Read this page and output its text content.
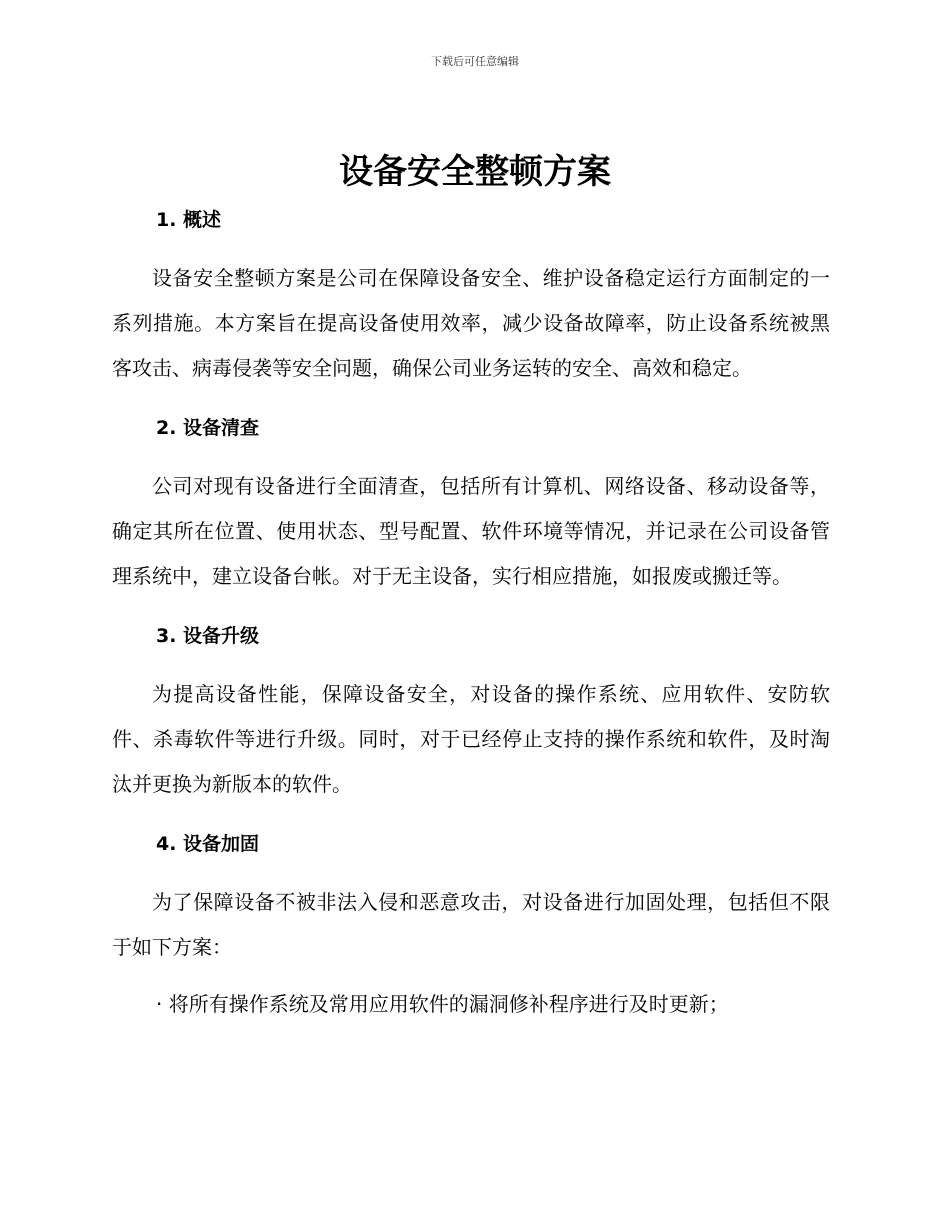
下载后可任意编辑
设备安全整顿方案

1. 概述

设备安全整顿方案是公司在保障设备安全、维护设备稳定运行方面制定的一系列措施。本方案旨在提高设备使用效率，减少设备故障率，防止设备系统被黑客攻击、病毒侵袭等安全问题，确保公司业务运转的安全、高效和稳定。

2. 设备清查

公司对现有设备进行全面清查，包括所有计算机、网络设备、移动设备等，确定其所在位置、使用状态、型号配置、软件环境等情况，并记录在公司设备管理系统中，建立设备台帐。对于无主设备，实行相应措施，如报废或搬迁等。

3. 设备升级

为提高设备性能，保障设备安全，对设备的操作系统、应用软件、安防软件、杀毒软件等进行升级。同时，对于已经停止支持的操作系统和软件，及时淘汰并更换为新版本的软件。

4. 设备加固

为了保障设备不被非法入侵和恶意攻击，对设备进行加固处理，包括但不限于如下方案：

· 将所有操作系统及常用应用软件的漏洞修补程序进行及时更新；
